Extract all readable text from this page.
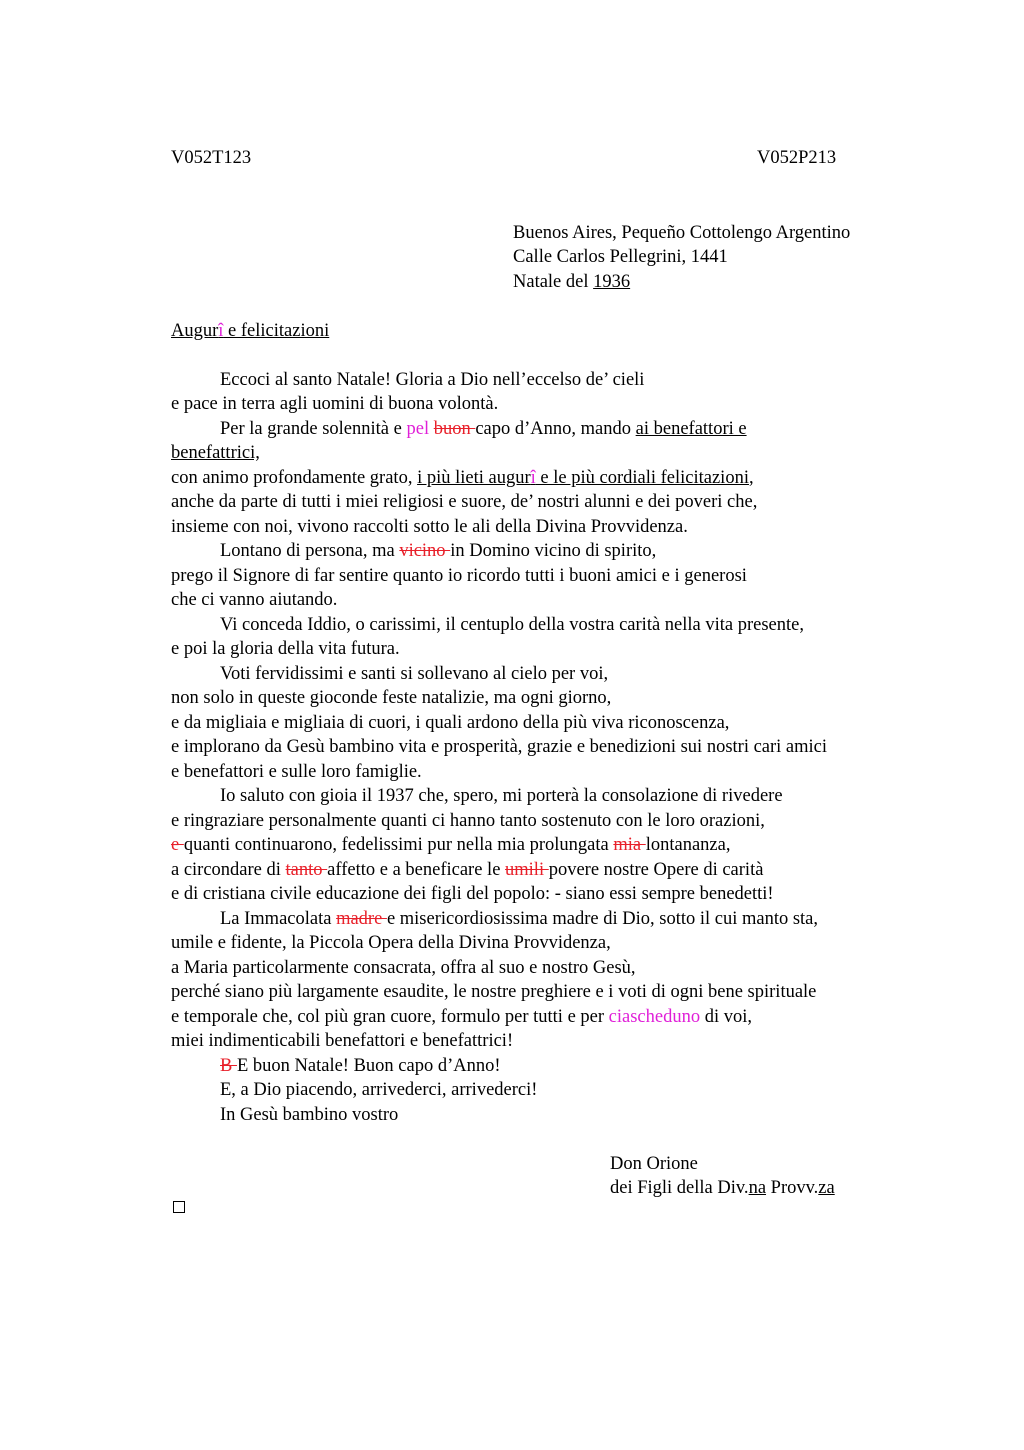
V052T123	V052P213
Buenos Aires, Pequeño Cottolengo Argentino
Calle Carlos Pellegrini, 1441
Natale del 1936
Augurî e felicitazioni
Eccoci al santo Natale! Gloria a Dio nell’eccelso de’ cieli
e pace in terra agli uomini di buona volontà.
Per la grande solennità e pel buon capo d’Anno, mando ai benefattori e
benefattrici,
con animo profondamente grato, i più lieti augurî e le più cordiali felicitazioni,
anche da parte di tutti i miei religiosi e suore, de’ nostri alunni e dei poveri che,
insieme con noi, vivono raccolti sotto le ali della Divina Provvidenza.
Lontano di persona, ma vicino in Domino vicino di spirito,
prego il Signore di far sentire quanto io ricordo tutti i buoni amici e i generosi
che ci vanno aiutando.
Vi conceda Iddio, o carissimi, il centuplo della vostra carità nella vita presente,
e poi la gloria della vita futura.
Voti fervidissimi e santi si sollevano al cielo per voi,
non solo in queste gioconde feste natalizie, ma ogni giorno,
e da migliaia e migliaia di cuori, i quali ardono della più viva riconoscenza,
e implorano da Gesù bambino vita e prosperità, grazie e benedizioni sui nostri cari amici
e benefattori e sulle loro famiglie.
Io saluto con gioia il 1937 che, spero, mi porterà la consolazione di rivedere
e ringraziare personalmente quanti ci hanno tanto sostenuto con le loro orazioni,
e quanti continuarono, fedelissimi pur nella mia prolungata mia lontananza,
a circondare di tanto affetto e a beneficare le umili povere nostre Opere di carità
e di cristiana civile educazione dei figli del popolo: - siano essi sempre benedetti!
La Immacolata madre e misericordiosissima madre di Dio, sotto il cui manto sta,
umile e fidente, la Piccola Opera della Divina Provvidenza,
a Maria particolarmente consacrata, offra al suo e nostro Gesù,
perché siano più largamente esaudite, le nostre preghiere e i voti di ogni bene spirituale
e temporale che, col più gran cuore, formulo per tutti e per ciascheduno di voi,
miei indimenticabili benefattori e benefattrici!
B E buon Natale! Buon capo d’Anno!
E, a Dio piacendo, arrivederci, arrivederci!
In Gesù bambino vostro
Don Orione
dei Figli della Div.na Provv.za
